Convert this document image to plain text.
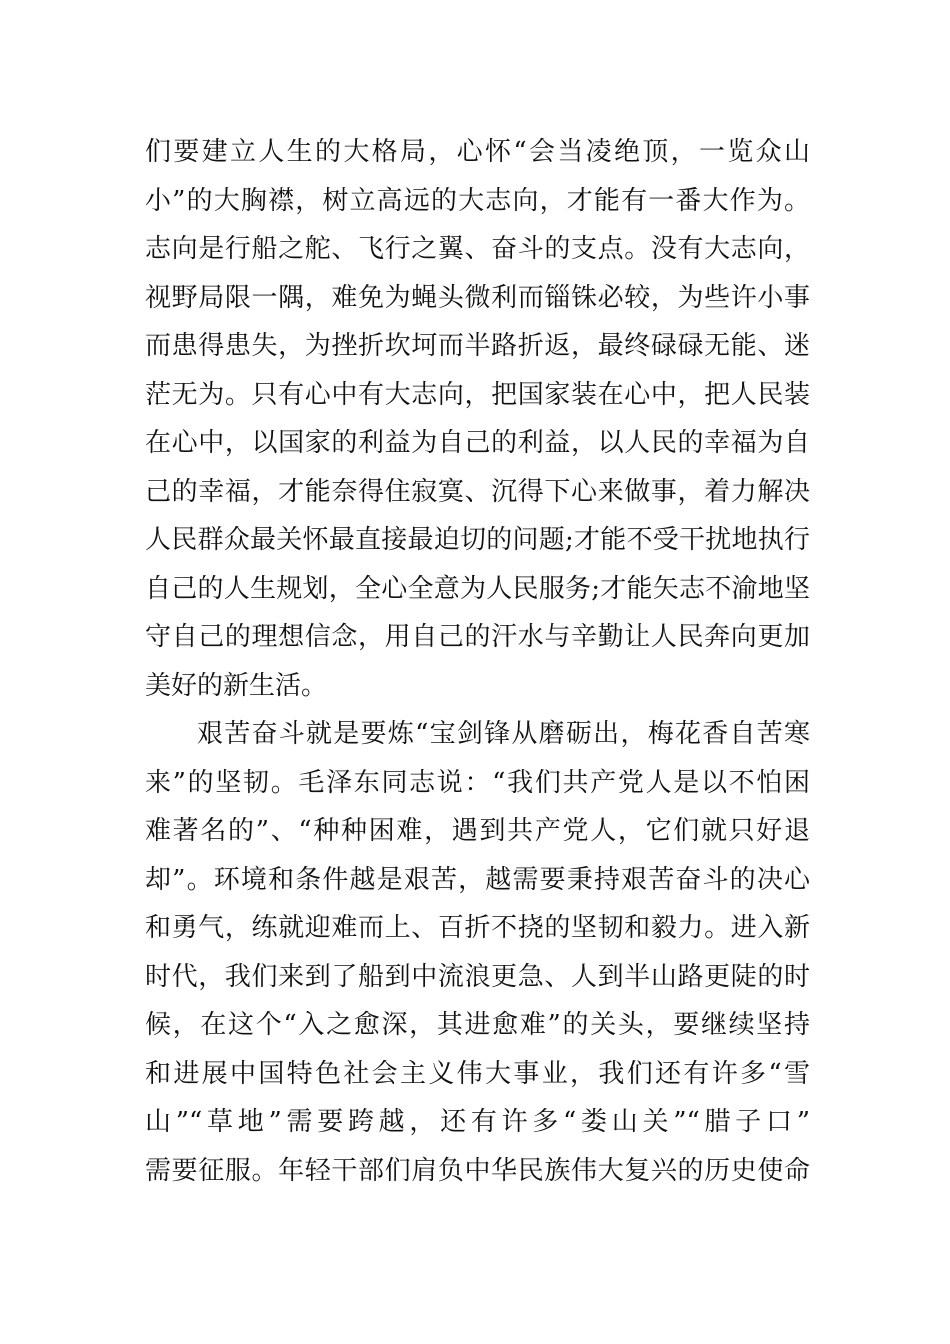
们要建立人生的大格局，心怀“会当凌绝顶，一览众山
小”的大胸襟，树立高远的大志向，才能有一番大作为。
志向是行船之舵、飞行之翼、奋斗的支点。没有大志向，
视野局限一隅，难免为蝇头微利而锱铢必较，为些许小事
而患得患失，为挫折坎坷而半路折返，最终碌碌无能、迷
茫无为。只有心中有大志向，把国家装在心中，把人民装
在心中，以国家的利益为自己的利益，以人民的幸福为自
己的幸福，才能奈得住寂寞、沉得下心来做事，着力解决
人民群众最关怀最直接最迫切的问题;才能不受干扰地执行
自己的人生规划，全心全意为人民服务;才能矢志不渝地坚
守自己的理想信念，用自己的汗水与辛勤让人民奔向更加
美好的新生活。
艰苦奋斗就是要炼“宝剑锋从磨砺出，梅花香自苦寒
来”的坚韧。毛泽东同志说：“我们共产党人是以不怕困
难著名的”、“种种困难，遇到共产党人，它们就只好退
却”。环境和条件越是艰苦，越需要秉持艰苦奋斗的决心
和勇气，练就迎难而上、百折不挠的坚韧和毅力。进入新
时代，我们来到了船到中流浪更急、人到半山路更陡的时
候，在这个“入之愈深，其进愈难”的关头，要继续坚持
和进展中国特色社会主义伟大事业，我们还有许多“雪
山”“草地”需要跨越，还有许多“娄山关”“腊子口”
需要征服。年轻干部们肩负中华民族伟大复兴的历史使命
